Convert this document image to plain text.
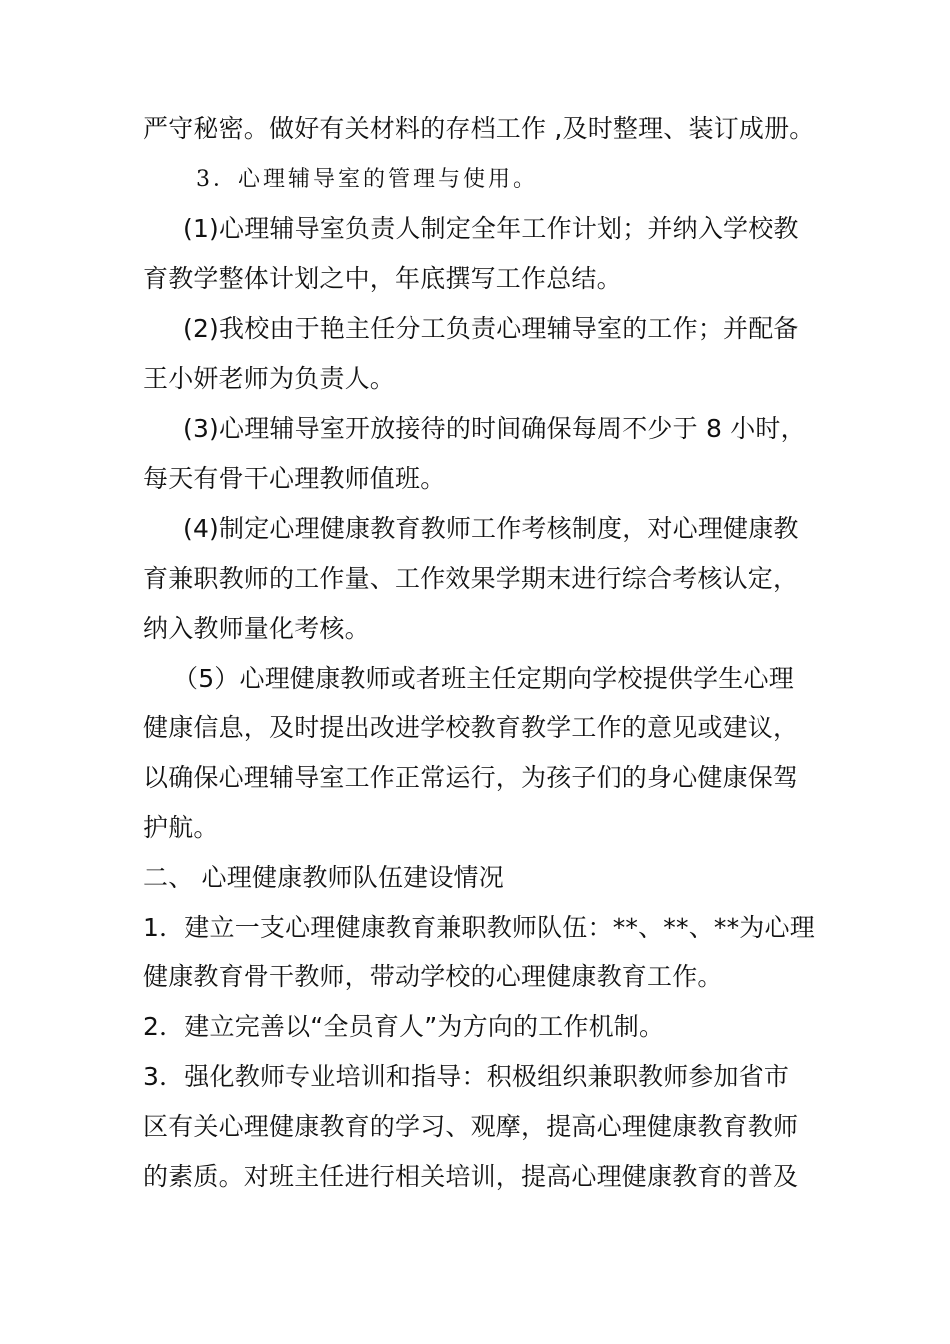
严守秘密。做好有关材料的存档工作 ,及时整理、装订成册。
3．心理辅导室的管理与使用。
(1)心理辅导室负责人制定全年工作计划；并纳入学校教
育教学整体计划之中，年底撰写工作总结。
(2)我校由于艳主任分工负责心理辅导室的工作；并配备
王小妍老师为负责人。
(3)心理辅导室开放接待的时间确保每周不少于 8 小时，
每天有骨干心理教师值班。
(4)制定心理健康教育教师工作考核制度，对心理健康教
育兼职教师的工作量、工作效果学期末进行综合考核认定，
纳入教师量化考核。
（5）心理健康教师或者班主任定期向学校提供学生心理
健康信息，及时提出改进学校教育教学工作的意见或建议，
以确保心理辅导室工作正常运行，为孩子们的身心健康保驾
护航。
二、 心理健康教师队伍建设情况
1．建立一支心理健康教育兼职教师队伍：**、**、**为心理
健康教育骨干教师，带动学校的心理健康教育工作。
2．建立完善以“全员育人”为方向的工作机制。
3．强化教师专业培训和指导：积极组织兼职教师参加省市
区有关心理健康教育的学习、观摩，提高心理健康教育教师
的素质。对班主任进行相关培训，提高心理健康教育的普及
